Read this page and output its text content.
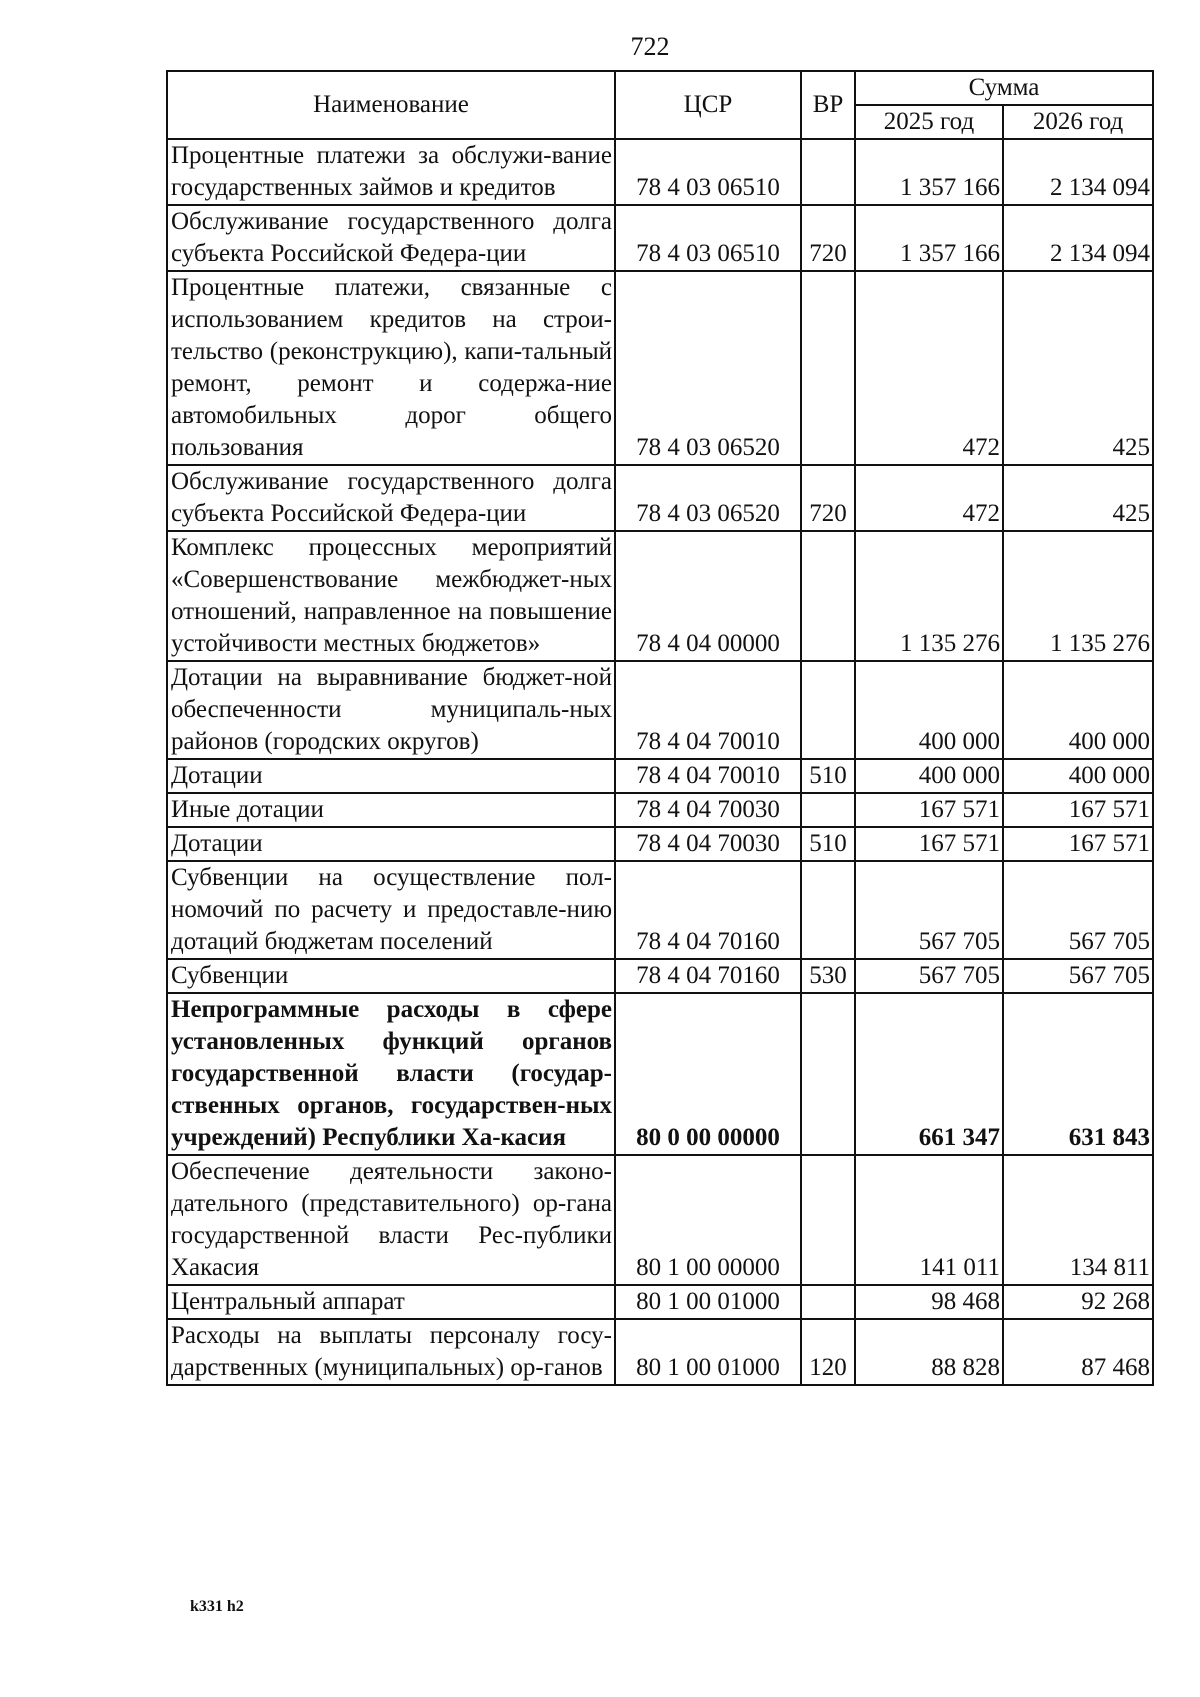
722
Наименование	ЦСР	ВР	Сумма	
			2025 год	2026 год
Процентные платежи за обслужи-вание государственных займов и кредитов	78 4 03 06510		1 357 166	2 134 094
Обслуживание государственного долга субъекта Российской Федера-ции	78 4 03 06510	720	1 357 166	2 134 094
Процентные платежи, связанные с использованием кредитов на строи-тельство (реконструкцию), капи-тальный ремонт, ремонт и содержа-ние автомобильных дорог общего пользования	78 4 03 06520		472	425
Обслуживание государственного долга субъекта Российской Федера-ции	78 4 03 06520	720	472	425
Комплекс процессных мероприятий «Совершенствование межбюджет-ных отношений, направленное на повышение устойчивости местных бюджетов»	78 4 04 00000		1 135 276	1 135 276
Дотации на выравнивание бюджет-ной обеспеченности муниципаль-ных районов (городских округов)	78 4 04 70010		400 000	400 000
Дотации	78 4 04 70010	510	400 000	400 000
Иные дотации	78 4 04 70030		167 571	167 571
Дотации	78 4 04 70030	510	167 571	167 571
Субвенции на осуществление пол-номочий по расчету и предоставле-нию дотаций бюджетам поселений	78 4 04 70160		567 705	567 705
Субвенции	78 4 04 70160	530	567 705	567 705
Непрограммные расходы в сфере установленных функций органов государственной власти (государ-ственных органов, государствен-ных учреждений) Республики Ха-касия	80 0 00 00000		661 347	631 843
Обеспечение деятельности законо-дательного (представительного) ор-гана государственной власти Рес-публики Хакасия	80 1 00 00000		141 011	134 811
Центральный аппарат	80 1 00 01000		98 468	92 268
Расходы на выплаты персоналу госу-дарственных (муниципальных) ор-ганов	80 1 00 01000	120	88 828	87 468
k331 h2
